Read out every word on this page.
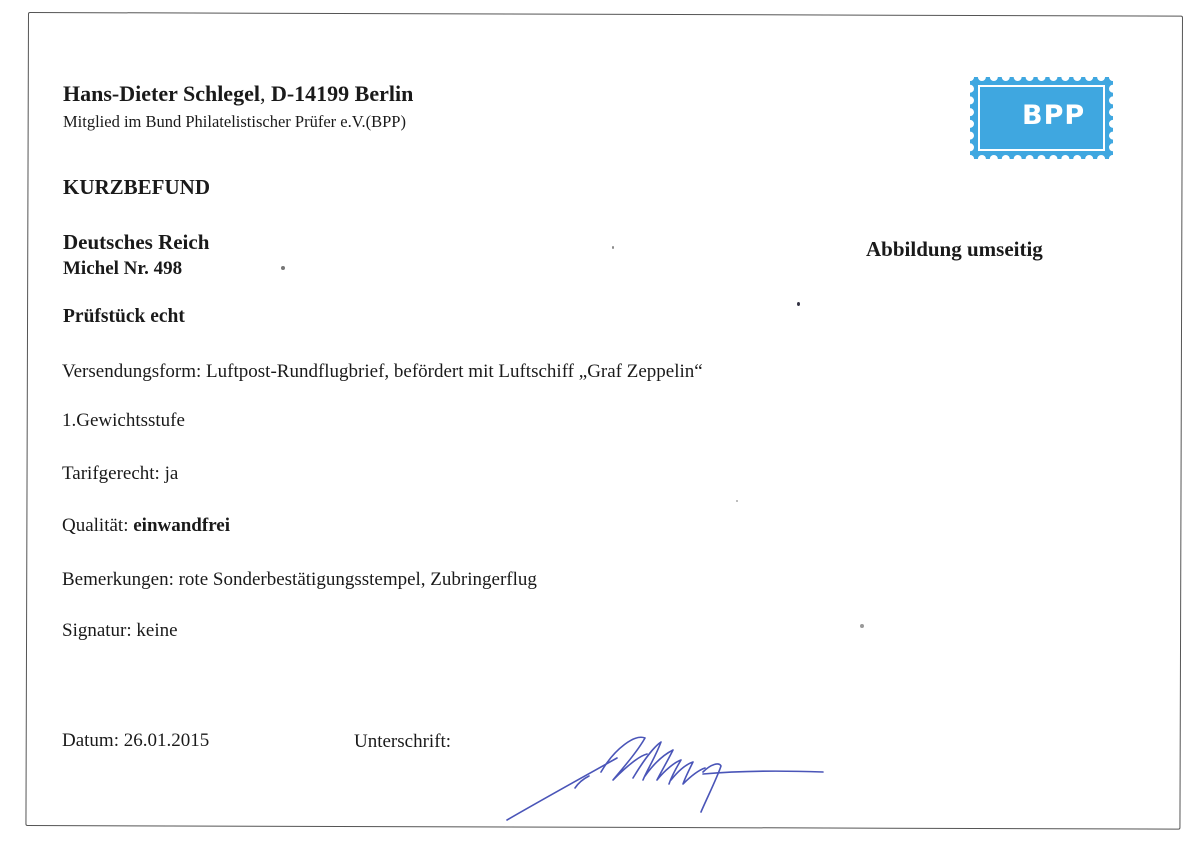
Hans-Dieter Schlegel, D-14199 Berlin

Mitglied im Bund Philatelistischer Prüfer e.V.(BPP)	BPP

KURZBEFUND

Deutsches Reich

Michel Nr. 498

Abbildung umseitig

Prüfstück echt

Versendungsform: Luftpost-Rundflugbrief, befördert mit Luftschiff „Graf Zeppelin“

1.Gewichtsstufe

Tarifgerecht: ja

Qualität: einwandfrei

Bemerkungen: rote Sonderbestätigungsstempel, Zubringerflug

Signatur: keine

Datum: 26.01.2015	Unterschrift:
